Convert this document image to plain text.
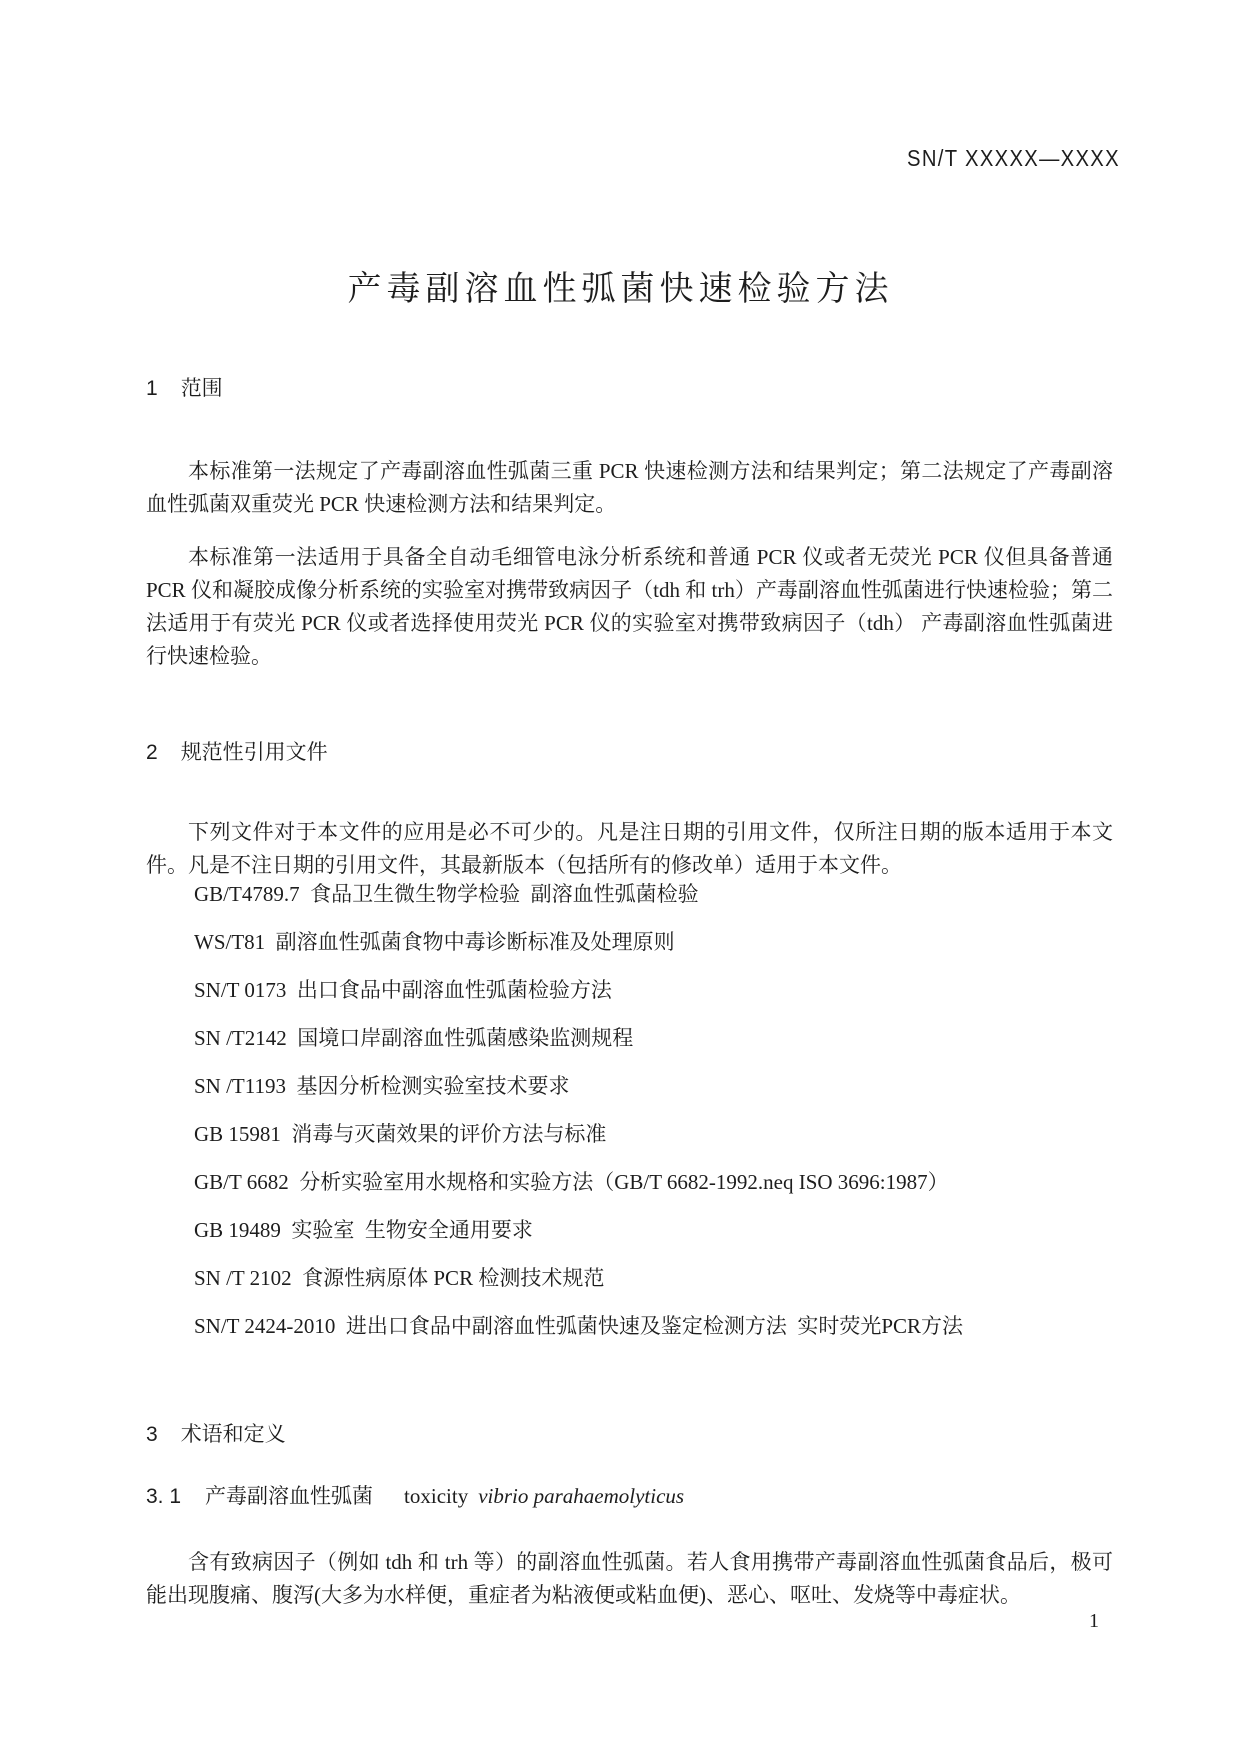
SN/T XXXXX—XXXX
产毒副溶血性弧菌快速检验方法
1 范围

本标准第一法规定了产毒副溶血性弧菌三重 PCR 快速检测方法和结果判定；第二法规定了产毒副溶血性弧菌双重荧光 PCR 快速检测方法和结果判定。

本标准第一法适用于具备全自动毛细管电泳分析系统和普通 PCR 仪或者无荧光 PCR 仪但具备普通 PCR 仪和凝胶成像分析系统的实验室对携带致病因子（tdh 和 trh）产毒副溶血性弧菌进行快速检验；第二法适用于有荧光 PCR 仪或者选择使用荧光 PCR 仪的实验室对携带致病因子（tdh） 产毒副溶血性弧菌进行快速检验。

2 规范性引用文件

下列文件对于本文件的应用是必不可少的。凡是注日期的引用文件，仅所注日期的版本适用于本文件。凡是不注日期的引用文件，其最新版本（包括所有的修改单）适用于本文件。

GB/T4789.7 食品卫生微生物学检验 副溶血性弧菌检验
WS/T81 副溶血性弧菌食物中毒诊断标准及处理原则
SN/T 0173 出口食品中副溶血性弧菌检验方法
SN /T2142 国境口岸副溶血性弧菌感染监测规程
SN /T1193 基因分析检测实验室技术要求
GB 15981 消毒与灭菌效果的评价方法与标准
GB/T 6682 分析实验室用水规格和实验方法（GB/T 6682-1992.neq ISO 3696:1987）
GB 19489 实验室 生物安全通用要求
SN /T 2102 食源性病原体 PCR 检测技术规范
SN/T 2424-2010 进出口食品中副溶血性弧菌快速及鉴定检测方法 实时荧光PCR方法
3 术语和定义
3. 1 产毒副溶血性弧菌 toxicity vibrio parahaemolyticus

含有致病因子（例如 tdh 和 trh 等）的副溶血性弧菌。若人食用携带产毒副溶血性弧菌食品后，极可能出现腹痛、腹泻(大多为水样便，重症者为粘液便或粘血便)、恶心、呕吐、发烧等中毒症状。

1
